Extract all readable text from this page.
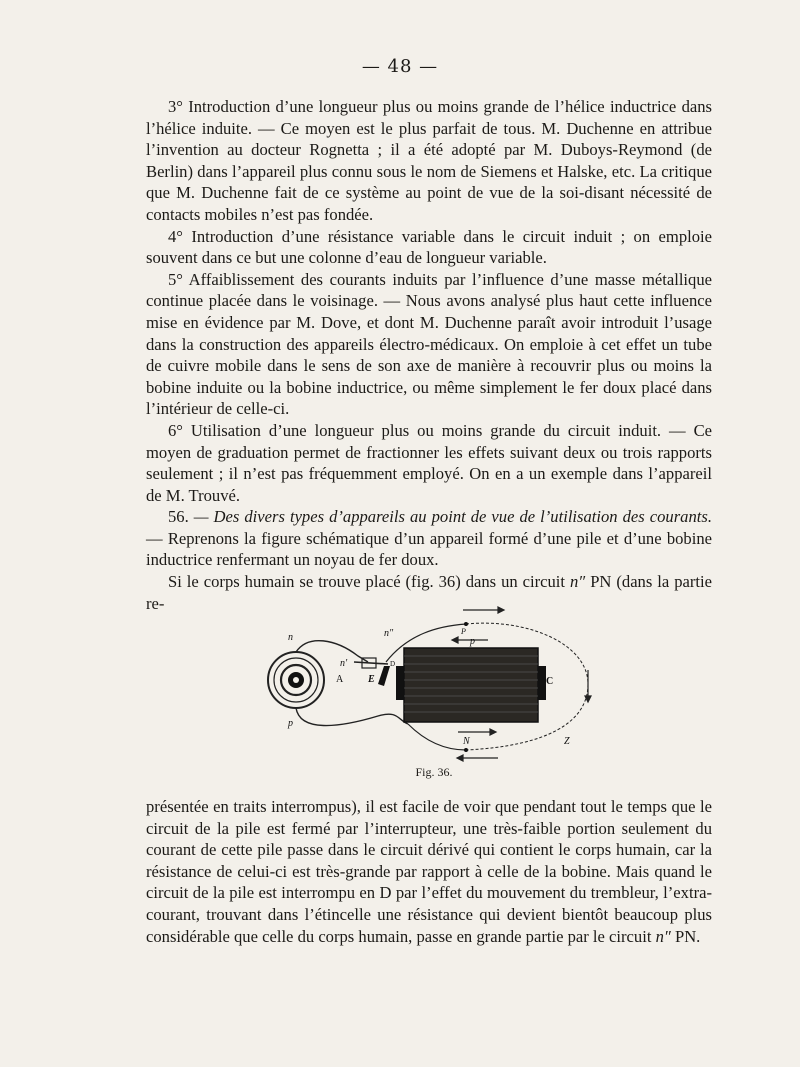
— 48 —

3° Introduction d’une longueur plus ou moins grande de l’hélice inductrice dans l’hélice induite. — Ce moyen est le plus parfait de tous. M. Duchenne en attribue l’invention au docteur Rognetta ; il a été adopté par M. Duboys-Reymond (de Berlin) dans l’appareil plus connu sous le nom de Siemens et Halske, etc. La critique que M. Duchenne fait de ce système au point de vue de la soi-disant nécessité de contacts mobiles n’est pas fondée.

4° Introduction d’une résistance variable dans le circuit induit ; on emploie souvent dans ce but une colonne d’eau de longueur variable.

5° Affaiblissement des courants induits par l’influence d’une masse métallique continue placée dans le voisinage. — Nous avons analysé plus haut cette influence mise en évidence par M. Dove, et dont M. Duchenne paraît avoir introduit l’usage dans la construction des appareils électro-médicaux. On emploie à cet effet un tube de cuivre mobile dans le sens de son axe de manière à recouvrir plus ou moins la bobine induite ou la bobine inductrice, ou même simplement le fer doux placé dans l’intérieur de celle-ci.

6° Utilisation d’une longueur plus ou moins grande du circuit induit. — Ce moyen de graduation permet de fractionner les effets suivant deux ou trois rapports seulement ; il n’est pas fréquemment employé. On en a un exemple dans l’appareil de M. Trouvé.

56. — Des divers types d’appareils au point de vue de l’utilisation des courants. — Reprenons la figure schématique d’un appareil formé d’une pile et d’une bobine inductrice renfermant un noyau de fer doux.

Si le corps humain se trouve placé (fig. 36) dans un circuit n″ PN (dans la partie re-

n
n′
n″
A E
D
P
p
p
C
N	Z
Fig. 36.

présentée en traits interrompus), il est facile de voir que pendant tout le temps que le circuit de la pile est fermé par l’interrupteur, une très-faible portion seulement du courant de cette pile passe dans le circuit dérivé qui contient le corps humain, car la résistance de celui-ci est très-grande par rapport à celle de la bobine. Mais quand le circuit de la pile est interrompu en D par l’effet du mouvement du trembleur, l’extra-courant, trouvant dans l’étincelle une résistance qui devient bientôt beaucoup plus considérable que celle du corps humain, passe en grande partie par le circuit n″ PN.
